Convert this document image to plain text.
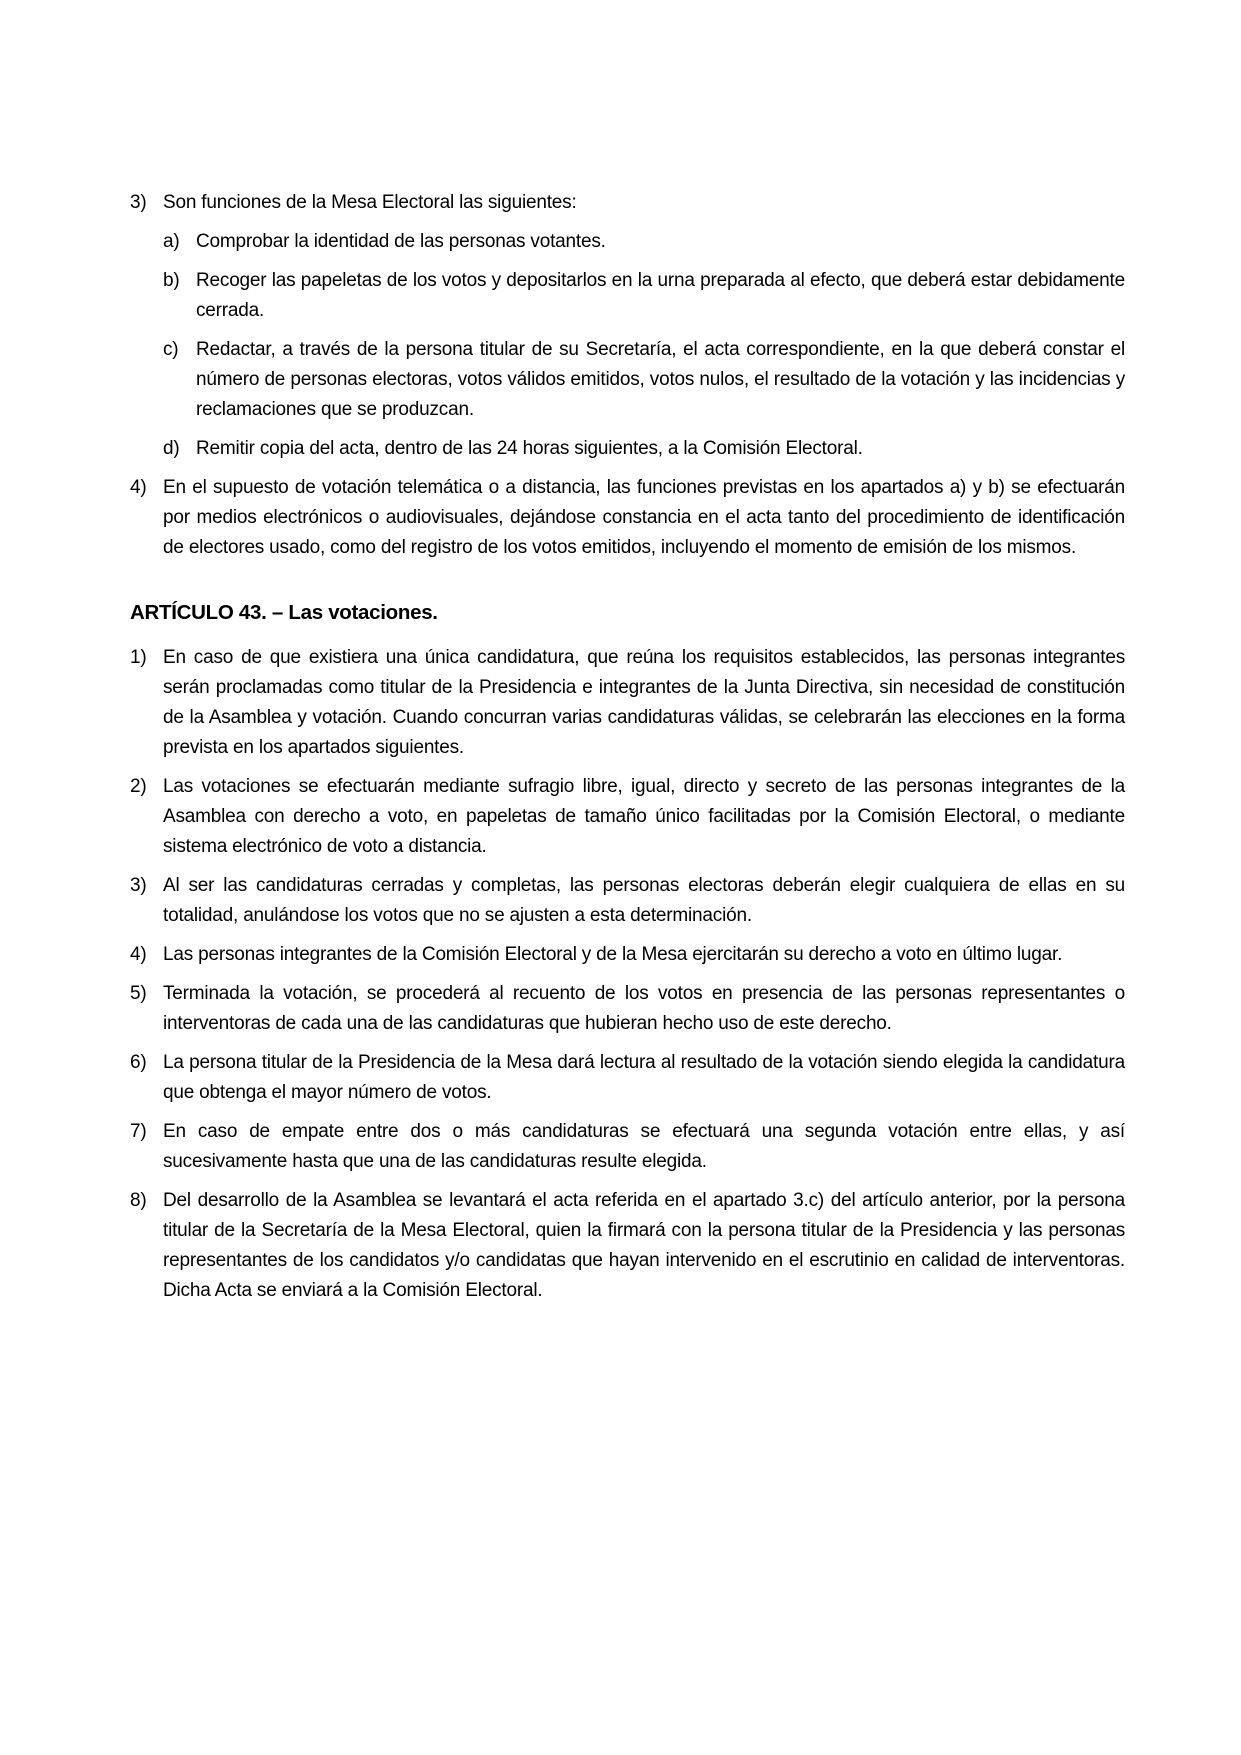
3) Son funciones de la Mesa Electoral las siguientes:
a) Comprobar la identidad de las personas votantes.
b) Recoger las papeletas de los votos y depositarlos en la urna preparada al efecto, que deberá estar debidamente cerrada.
c) Redactar, a través de la persona titular de su Secretaría, el acta correspondiente, en la que deberá constar el número de personas electoras, votos válidos emitidos, votos nulos, el resultado de la votación y las incidencias y reclamaciones que se produzcan.
d) Remitir copia del acta, dentro de las 24 horas siguientes, a la Comisión Electoral.
4) En el supuesto de votación telemática o a distancia, las funciones previstas en los apartados a) y b) se efectuarán por medios electrónicos o audiovisuales, dejándose constancia en el acta tanto del procedimiento de identificación de electores usado, como del registro de los votos emitidos, incluyendo el momento de emisión de los mismos.
ARTÍCULO 43. – Las votaciones.
1) En caso de que existiera una única candidatura, que reúna los requisitos establecidos, las personas integrantes serán proclamadas como titular de la Presidencia e integrantes de la Junta Directiva, sin necesidad de constitución de la Asamblea y votación. Cuando concurran varias candidaturas válidas, se celebrarán las elecciones en la forma prevista en los apartados siguientes.
2) Las votaciones se efectuarán mediante sufragio libre, igual, directo y secreto de las personas integrantes de la Asamblea con derecho a voto, en papeletas de tamaño único facilitadas por la Comisión Electoral, o mediante sistema electrónico de voto a distancia.
3) Al ser las candidaturas cerradas y completas, las personas electoras deberán elegir cualquiera de ellas en su totalidad, anulándose los votos que no se ajusten a esta determinación.
4) Las personas integrantes de la Comisión Electoral y de la Mesa ejercitarán su derecho a voto en último lugar.
5) Terminada la votación, se procederá al recuento de los votos en presencia de las personas representantes o interventoras de cada una de las candidaturas que hubieran hecho uso de este derecho.
6) La persona titular de la Presidencia de la Mesa dará lectura al resultado de la votación siendo elegida la candidatura que obtenga el mayor número de votos.
7) En caso de empate entre dos o más candidaturas se efectuará una segunda votación entre ellas, y así sucesivamente hasta que una de las candidaturas resulte elegida.
8) Del desarrollo de la Asamblea se levantará el acta referida en el apartado 3.c) del artículo anterior, por la persona titular de la Secretaría de la Mesa Electoral, quien la firmará con la persona titular de la Presidencia y las personas representantes de los candidatos y/o candidatas que hayan intervenido en el escrutinio en calidad de interventoras. Dicha Acta se enviará a la Comisión Electoral.
